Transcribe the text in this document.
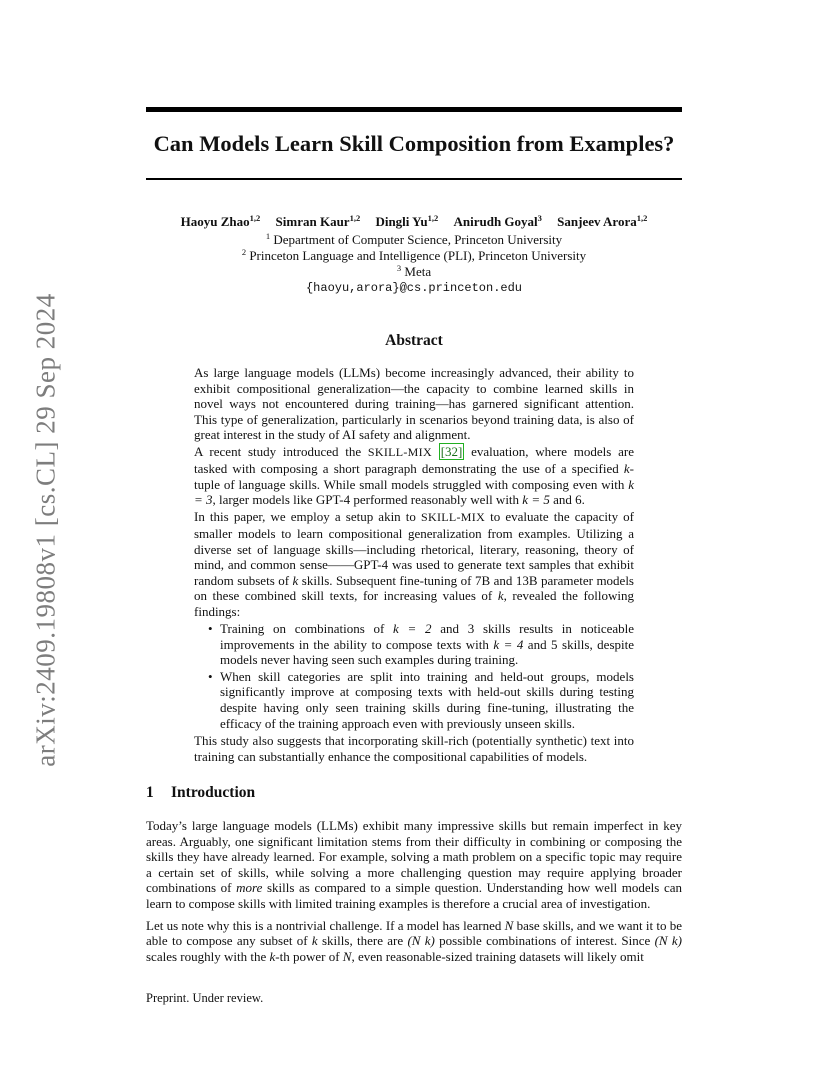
arXiv:2409.19808v1 [cs.CL] 29 Sep 2024
Can Models Learn Skill Composition from Examples?
Haoyu Zhao$^{1,2}$ Simran Kaur$^{1,2}$ Dingli Yu$^{1,2}$ Anirudh Goyal$^3$ Sanjeev Arora$^{1,2}$
$^1$ Department of Computer Science, Princeton University
$^2$ Princeton Language and Intelligence (PLI), Princeton University
$^3$ Meta
{haoyu,arora}@cs.princeton.edu
Abstract

As large language models (LLMs) become increasingly advanced, their ability to exhibit compositional generalization—the capacity to combine learned skills in novel ways not encountered during training—has garnered significant attention. This type of generalization, particularly in scenarios beyond training data, is also of great interest in the study of AI safety and alignment.

A recent study introduced the SKILL-MIX [32] evaluation, where models are tasked with composing a short paragraph demonstrating the use of a specified k-tuple of language skills. While small models struggled with composing even with k = 3, larger models like GPT-4 performed reasonably well with k = 5 and 6.

In this paper, we employ a setup akin to SKILL-MIX to evaluate the capacity of smaller models to learn compositional generalization from examples. Utilizing a diverse set of language skills—including rhetorical, literary, reasoning, theory of mind, and common sense——GPT-4 was used to generate text samples that exhibit random subsets of k skills. Subsequent fine-tuning of 7B and 13B parameter models on these combined skill texts, for increasing values of k, revealed the following findings:

• Training on combinations of k = 2 and 3 skills results in noticeable improvements in the ability to compose texts with k = 4 and 5 skills, despite models never having seen such examples during training.
• When skill categories are split into training and held-out groups, models significantly improve at composing texts with held-out skills during testing despite having only seen training skills during fine-tuning, illustrating the efficacy of the training approach even with previously unseen skills.

This study also suggests that incorporating skill-rich (potentially synthetic) text into training can substantially enhance the compositional capabilities of models.

1 Introduction

Today’s large language models (LLMs) exhibit many impressive skills but remain imperfect in key areas. Arguably, one significant limitation stems from their difficulty in combining or composing the skills they have already learned. For example, solving a math problem on a specific topic may require a certain set of skills, while solving a more challenging question may require applying broader combinations of more skills as compared to a simple question. Understanding how well models can learn to compose skills with limited training examples is therefore a crucial area of investigation.

Let us note why this is a nontrivial challenge. If a model has learned N base skills, and we want it to be able to compose any subset of k skills, there are (N k) possible combinations of interest. Since (N k) scales roughly with the k-th power of N, even reasonable-sized training datasets will likely omit

Preprint. Under review.
